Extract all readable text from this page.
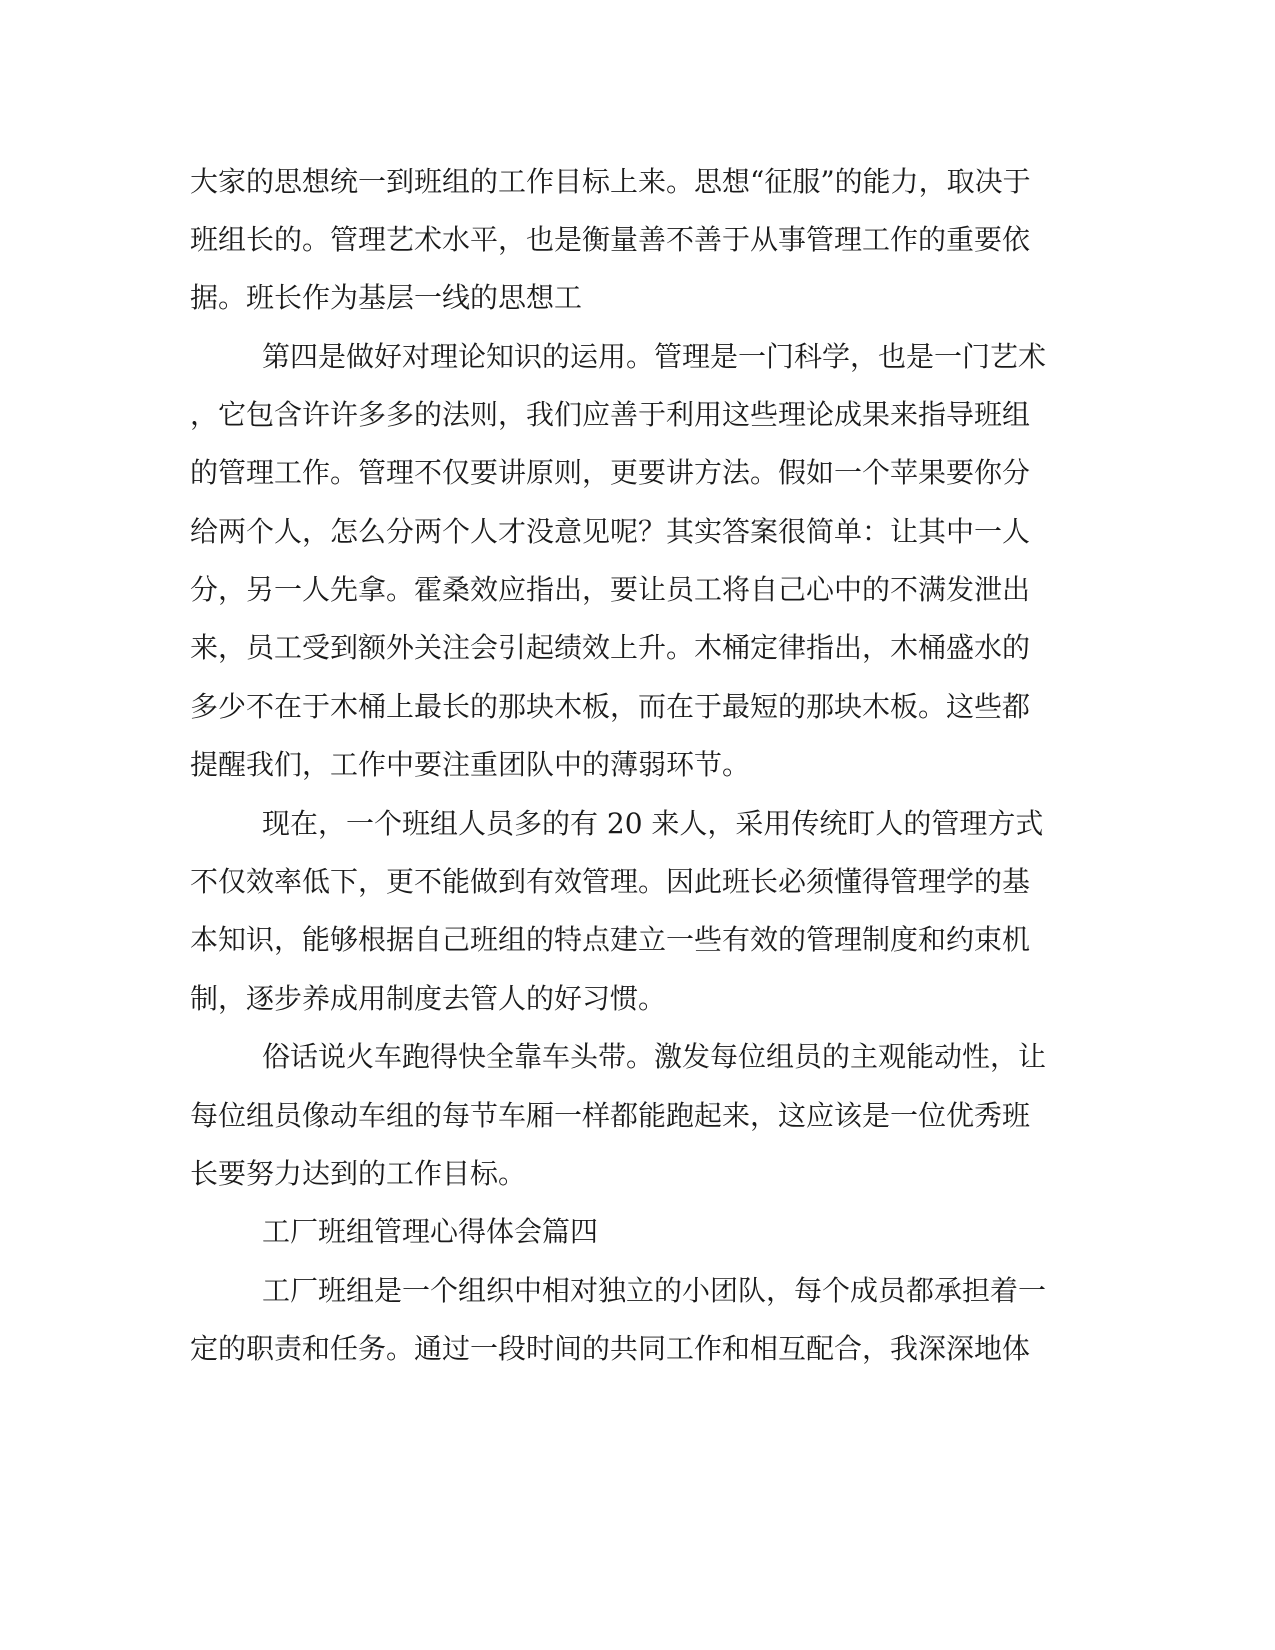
大家的思想统一到班组的工作目标上来。思想“征服”的能力，取决于
班组长的。管理艺术水平，也是衡量善不善于从事管理工作的重要依
据。班长作为基层一线的思想工
第四是做好对理论知识的运用。管理是一门科学，也是一门艺术
，它包含许许多多的法则，我们应善于利用这些理论成果来指导班组
的管理工作。管理不仅要讲原则，更要讲方法。假如一个苹果要你分
给两个人，怎么分两个人才没意见呢？其实答案很简单：让其中一人
分，另一人先拿。霍桑效应指出，要让员工将自己心中的不满发泄出
来，员工受到额外关注会引起绩效上升。木桶定律指出，木桶盛水的
多少不在于木桶上最长的那块木板，而在于最短的那块木板。这些都
提醒我们，工作中要注重团队中的薄弱环节。
现在，一个班组人员多的有 20 来人，采用传统盯人的管理方式
不仅效率低下，更不能做到有效管理。因此班长必须懂得管理学的基
本知识，能够根据自己班组的特点建立一些有效的管理制度和约束机
制，逐步养成用制度去管人的好习惯。
俗话说火车跑得快全靠车头带。激发每位组员的主观能动性，让
每位组员像动车组的每节车厢一样都能跑起来，这应该是一位优秀班
长要努力达到的工作目标。
工厂班组管理心得体会篇四
工厂班组是一个组织中相对独立的小团队，每个成员都承担着一
定的职责和任务。通过一段时间的共同工作和相互配合，我深深地体
